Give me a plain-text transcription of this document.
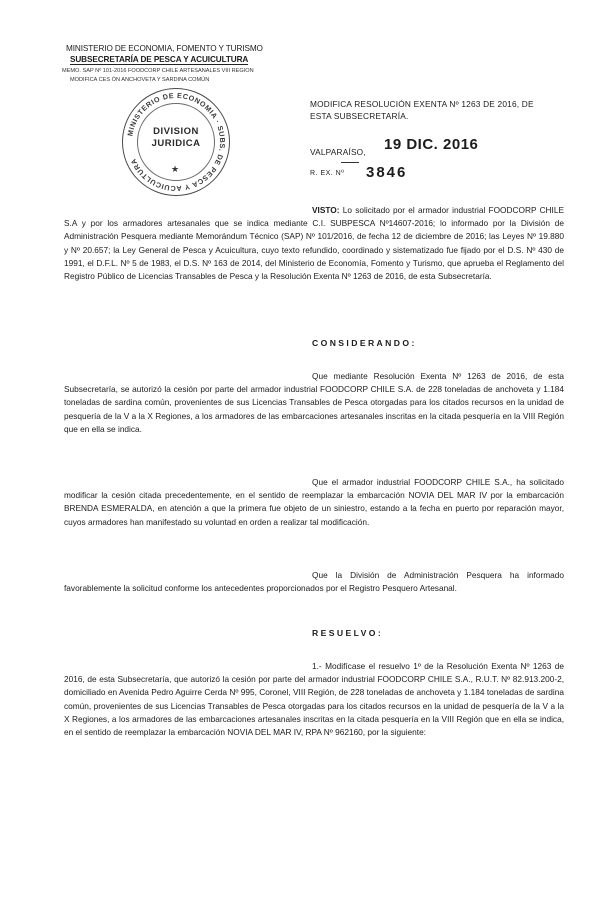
MINISTERIO DE ECONOMIA, FOMENTO Y TURISMO
SUBSECRETARÍA DE PESCA Y ACUICULTURA
MEMO. SAP Nº 101-2016 FOODCORP CHILE ARTESANALES VIII REGION
MODIFICA CES ÓN ANCHOVETA Y SARDINA COMÚN
MINISTERIO DE ECONOMIA · SUBS. DE PESCA Y ACUICULTURA
DIVISION
JURIDICA
★
MODIFICA RESOLUCIÓN EXENTA Nº 1263 DE 2016, DE
ESTA SUBSECRETARÍA.
VALPARAÍSO, 19 DIC. 2016
R. EX. Nº 3846
VISTO: Lo solicitado por el armador industrial FOODCORP CHILE S.A y por los armadores artesanales que se indica mediante C.I. SUBPESCA Nº14607-2016; lo informado por la División de Administración Pesquera mediante Memorándum Técnico (SAP) Nº 101/2016, de fecha 12 de diciembre de 2016; las Leyes Nº 19.880 y Nº 20.657; la Ley General de Pesca y Acuicultura, cuyo texto refundido, coordinado y sistematizado fue fijado por el D.S. Nº 430 de 1991, el D.F.L. Nº 5 de 1983, el D.S. Nº 163 de 2014, del Ministerio de Economía, Fomento y Turismo, que aprueba el Reglamento del Registro Público de Licencias Transables de Pesca y la Resolución Exenta Nº 1263 de 2016, de esta Subsecretaría.
CONSIDERANDO:
Que mediante Resolución Exenta Nº 1263 de 2016, de esta Subsecretaría, se autorizó la cesión por parte del armador industrial FOODCORP CHILE S.A. de 228 toneladas de anchoveta y 1.184 toneladas de sardina común, provenientes de sus Licencias Transables de Pesca otorgadas para los citados recursos en la unidad de pesquería de la V a la X Regiones, a los armadores de las embarcaciones artesanales inscritas en la citada pesquería en la VIII Región que en ella se indica.
Que el armador industrial FOODCORP CHILE S.A., ha solicitado modificar la cesión citada precedentemente, en el sentido de reemplazar la embarcación NOVIA DEL MAR IV por la embarcación BRENDA ESMERALDA, en atención a que la primera fue objeto de un siniestro, estando a la fecha en puerto por reparación mayor, cuyos armadores han manifestado su voluntad en orden a realizar tal modificación.
Que la División de Administración Pesquera ha informado favorablemente la solicitud conforme los antecedentes proporcionados por el Registro Pesquero Artesanal.
RESUELVO:
1.- Modifícase el resuelvo 1º de la Resolución Exenta Nº 1263 de 2016, de esta Subsecretaría, que autorizó la cesión por parte del armador industrial FOODCORP CHILE S.A., R.U.T. Nº 82.913.200-2, domiciliado en Avenida Pedro Aguirre Cerda Nº 995, Coronel, VIII Región, de 228 toneladas de anchoveta y 1.184 toneladas de sardina común, provenientes de sus Licencias Transables de Pesca otorgadas para los citados recursos en la unidad de pesquería de la V a la X Regiones, a los armadores de las embarcaciones artesanales inscritas en la citada pesquería en la VIII Región que en ella se indica, en el sentido de reemplazar la embarcación NOVIA DEL MAR IV, RPA Nº 962160, por la siguiente:
